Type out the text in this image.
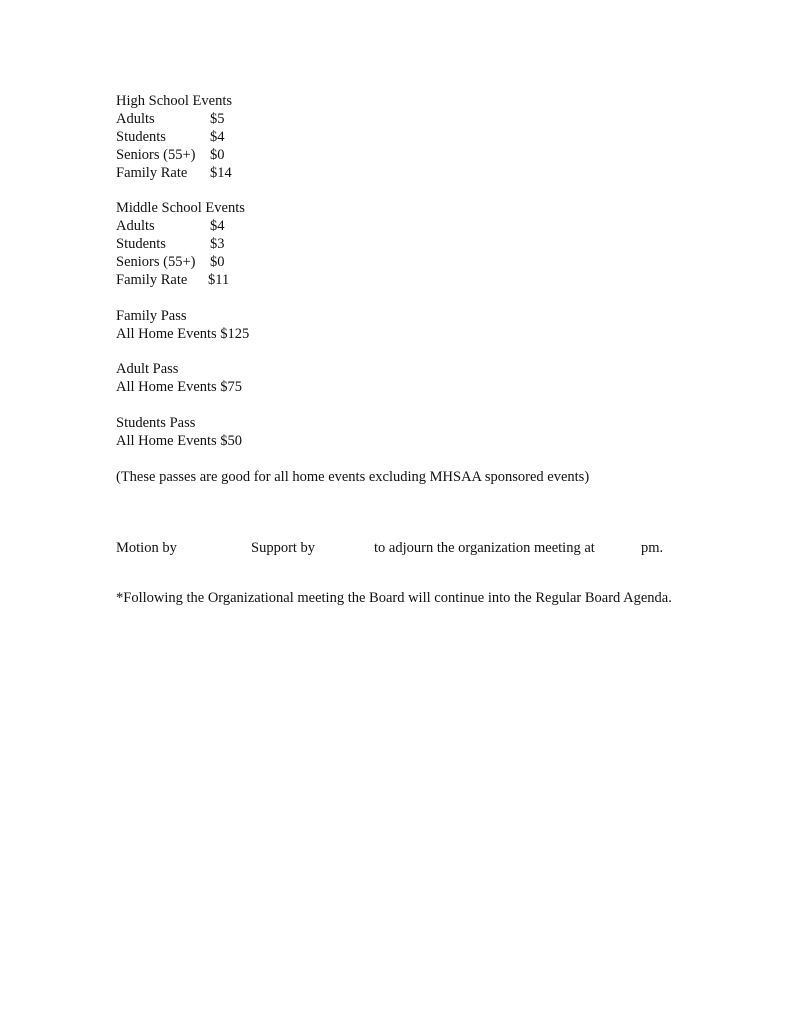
High School Events
Adults	$5
Students	$4
Seniors (55+)	$0
Family Rate	$14
Middle School Events
Adults	$4
Students	$3
Seniors (55+)	$0
Family Rate	$11
Family Pass
All Home Events $125
Adult Pass
All Home Events $75
Students Pass
All Home Events $50
(These passes are good for all home events excluding MHSAA sponsored events)
Motion by	Support by	to adjourn the organization meeting at	pm.
*Following the Organizational meeting the Board will continue into the Regular Board Agenda.
